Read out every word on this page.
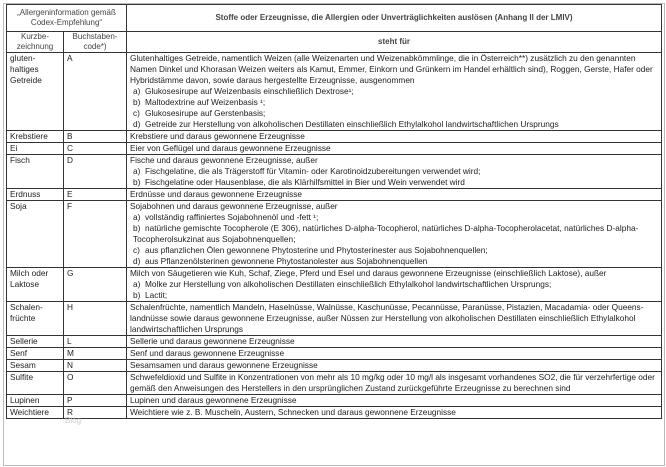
„Allergeninformation gemäß Codex-Empfehlung“		Stoffe oder Erzeugnisse, die Allergien oder Unverträglichkeiten auslösen (Anhang II der LMIV)
Kurzbe-zeichnung	Buchstaben-code*)	steht für
gluten-haltiges Getreide	A	Glutenhaltiges Getreide, namentlich Weizen (alle Weizenarten und Weizenabkömmlinge, die in Österreich**) zusätzlich zu den genannten Namen Dinkel und Khorasan Weizen weiters als Kamut, Emmer, Einkorn und Grünkern im Handel erhältlich sind), Roggen, Gerste, Hafer oder Hybridstämme davon, sowie daraus hergestellte Erzeugnisse, ausgenommen
a) Glukosesirupe auf Weizenbasis einschließlich Dextrose¹;
b) Maltodextrine auf Weizenbasis ¹;
c) Glukosesirupe auf Gerstenbasis;
d) Getreide zur Herstellung von alkoholischen Destillaten einschließlich Ethylalkohol landwirtschaftlichen Ursprungs

Krebstiere	B	Krebstiere und daraus gewonnene Erzeugnisse
Ei	C	Eier von Geflügel und daraus gewonnene Erzeugnisse
Fisch	D	Fische und daraus gewonnene Erzeugnisse, außer
a) Fischgelatine, die als Trägerstoff für Vitamin- oder Karotinoidzubereitungen verwendet wird;
b) Fischgelatine oder Hausenblase, die als Klärhilfsmittel in Bier und Wein verwendet wird

Erdnuss	E	Erdnüsse und daraus gewonnene Erzeugnisse
Soja	F	Sojabohnen und daraus gewonnene Erzeugnisse, außer
a) vollständig raffiniertes Sojabohnenöl und -fett ¹;
b) natürliche gemischte Tocopherole (E 306), natürliches D-alpha-Tocopherol, natürliches D-alpha-Tocopherolacetat, natürliches D-alpha-Tocopherolsukzinat aus Sojabohnenquellen;
c) aus pflanzlichen Ölen gewonnene Phytosterine und Phytosterinester aus Sojabohnenquellen;
d) aus Pflanzenölsterinen gewonnene Phytostanolester aus Sojabohnenquellen

Milch oder Laktose	G	Milch von Säugetieren wie Kuh, Schaf, Ziege, Pferd und Esel und daraus gewonnene Erzeugnisse (einschließlich Laktose), außer
a) Molke zur Herstellung von alkoholischen Destillaten einschließlich Ethylalkohol landwirtschaftlichen Ursprungs;
b) Lactit;

Schalen-früchte	H	Schalenfrüchte, namentlich Mandeln, Haselnüsse, Walnüsse, Kaschunüsse, Pecannüsse, Paranüsse, Pistazien, Macadamia- oder Queens-landnüsse sowie daraus gewonnene Erzeugnisse, außer Nüssen zur Herstellung von alkoholischen Destillaten einschließlich Ethylalkohol landwirtschaftlichen Ursprungs
Sellerie	L	Sellerie und daraus gewonnene Erzeugnisse
Senf	M	Senf und daraus gewonnene Erzeugnisse
Sesam	N	Sesamsamen und daraus gewonnene Erzeugnisse
Sulfite	O	Schwefeldioxid und Sulfite in Konzentrationen von mehr als 10 mg/kg oder 10 mg/l als insgesamt vorhandenes SO2, die für verzehrfertige oder gemäß den Anweisungen des Herstellers in den ursprünglichen Zustand zurückgeführte Erzeugnisse zu berechnen sind
Lupinen	P	Lupinen und daraus gewonnene Erzeugnisse
Weichtiere	R	Weichtiere wie z. B. Muscheln, Austern, Schnecken und daraus gewonnene Erzeugnisse
Blog
